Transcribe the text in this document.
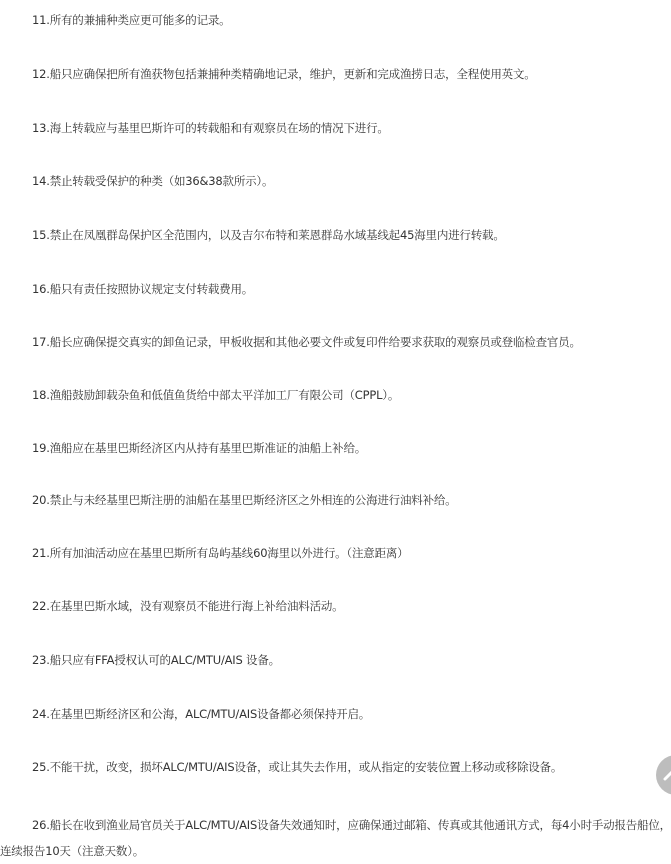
11.所有的兼捕种类应更可能多的记录。

12.船只应确保把所有渔获物包括兼捕种类精确地记录，维护，更新和完成渔捞日志，全程使用英文。

13.海上转载应与基里巴斯许可的转载船和有观察员在场的情况下进行。

14.禁止转载受保护的种类（如36&38款所示）。

15.禁止在凤凰群岛保护区全范围内，以及吉尔布特和莱恩群岛水域基线起45海里内进行转载。

16.船只有责任按照协议规定支付转载费用。

17.船长应确保提交真实的卸鱼记录，甲板收据和其他必要文件或复印件给要求获取的观察员或登临检查官员。

18.渔船鼓励卸载杂鱼和低值鱼货给中部太平洋加工厂有限公司（CPPL）。

19.渔船应在基里巴斯经济区内从持有基里巴斯准证的油船上补给。

20.禁止与未经基里巴斯注册的油船在基里巴斯经济区之外相连的公海进行油料补给。

21.所有加油活动应在基里巴斯所有岛屿基线60海里以外进行。（注意距离）

22.在基里巴斯水域，没有观察员不能进行海上补给油料活动。

23.船只应有FFA授权认可的ALC/MTU/AIS 设备。

24.在基里巴斯经济区和公海，ALC/MTU/AIS设备都必须保持开启。

25.不能干扰，改变，损坏ALC/MTU/AIS设备，或让其失去作用，或从指定的安装位置上移动或移除设备。

26.船长在收到渔业局官员关于ALC/MTU/AIS设备失效通知时，应确保通过邮箱、传真或其他通讯方式，每4小时手动报告船位，连续报告10天（注意天数）。
